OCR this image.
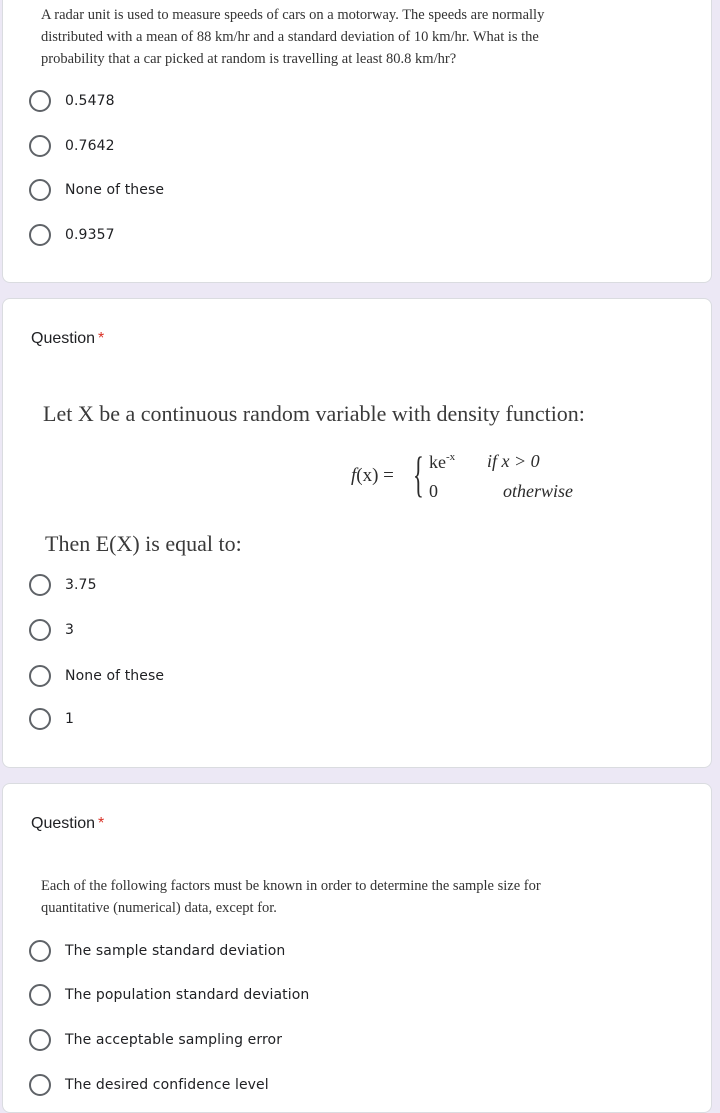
A radar unit is used to measure speeds of cars on a motorway. The speeds are normally
distributed with a mean of 88 km/hr and a standard deviation of 10 km/hr. What is the
probability that a car picked at random is travelling at least 80.8 km/hr?
0.5478
0.7642
None of these
0.9357
Question *
Let X be a continuous random variable with density function:
f(x) = { $ke^{-x}$ if x > 0
0	otherwise
Then E(X) is equal to:
3.75
3
None of these
1
Question *
Each of the following factors must be known in order to determine the sample size for
quantitative (numerical) data, except for.
The sample standard deviation
The population standard deviation
The acceptable sampling error
The desired confidence level
